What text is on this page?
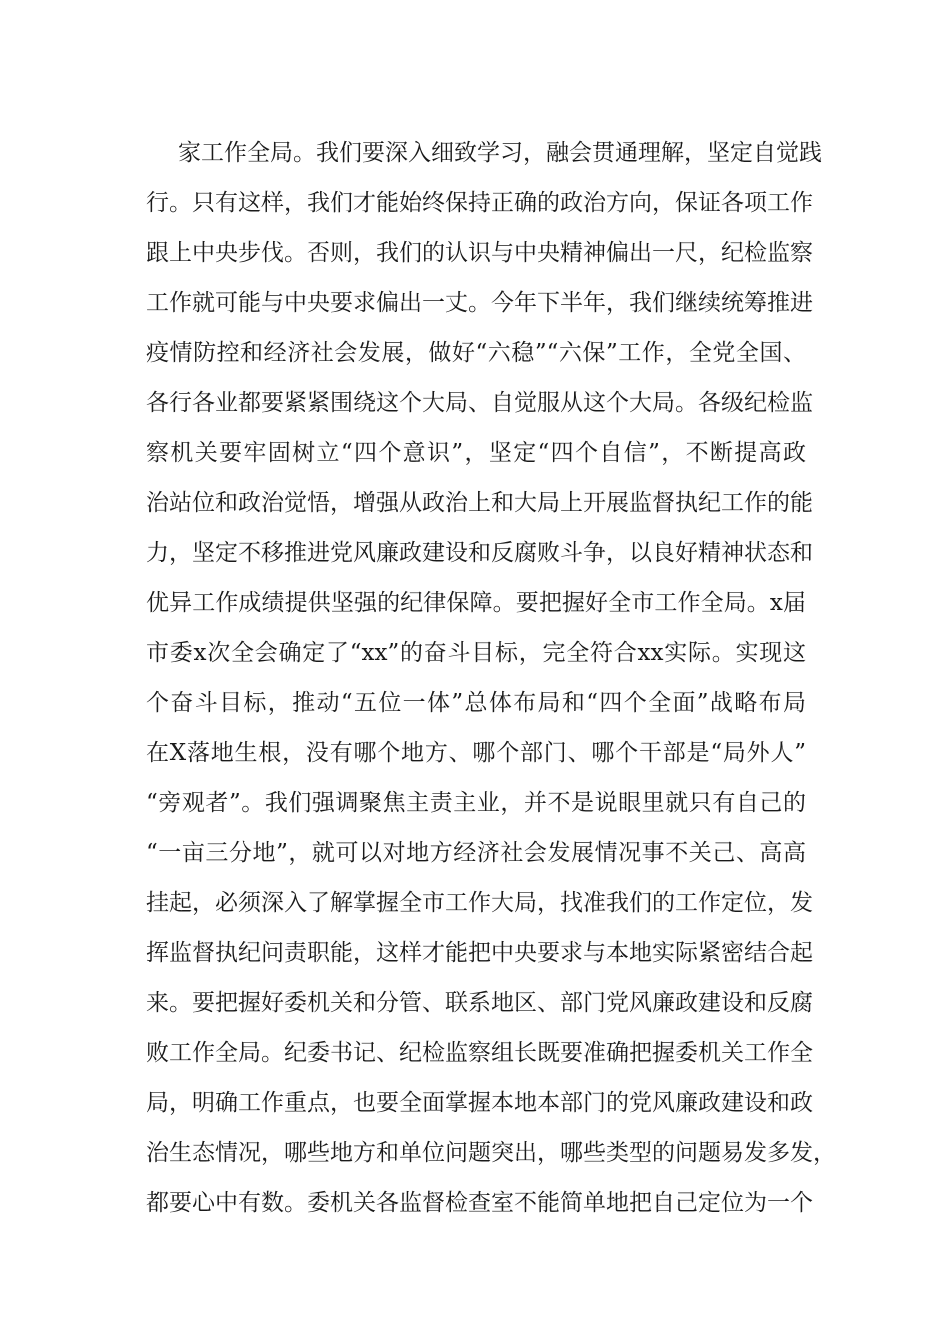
家工作全局。我们要深入细致学习，融会贯通理解，坚定自觉践
行。只有这样，我们才能始终保持正确的政治方向，保证各项工作
跟上中央步伐。否则，我们的认识与中央精神偏出一尺，纪检监察
工作就可能与中央要求偏出一丈。今年下半年，我们继续统筹推进
疫情防控和经济社会发展，做好“六稳”“六保”工作，全党全国、
各行各业都要紧紧围绕这个大局、自觉服从这个大局。各级纪检监
察机关要牢固树立“四个意识”，坚定“四个自信”，不断提高政
治站位和政治觉悟，增强从政治上和大局上开展监督执纪工作的能
力，坚定不移推进党风廉政建设和反腐败斗争，以良好精神状态和
优异工作成绩提供坚强的纪律保障。要把握好全市工作全局。x届
市委x次全会确定了“xx”的奋斗目标，完全符合xx实际。实现这
个奋斗目标，推动“五位一体”总体布局和“四个全面”战略布局
在X落地生根，没有哪个地方、哪个部门、哪个干部是“局外人”
“旁观者”。我们强调聚焦主责主业，并不是说眼里就只有自己的
“一亩三分地”，就可以对地方经济社会发展情况事不关己、高高
挂起，必须深入了解掌握全市工作大局，找准我们的工作定位，发
挥监督执纪问责职能，这样才能把中央要求与本地实际紧密结合起
来。要把握好委机关和分管、联系地区、部门党风廉政建设和反腐
败工作全局。纪委书记、纪检监察组长既要准确把握委机关工作全
局，明确工作重点，也要全面掌握本地本部门的党风廉政建设和政
治生态情况，哪些地方和单位问题突出，哪些类型的问题易发多发，
都要心中有数。委机关各监督检查室不能简单地把自己定位为一个
